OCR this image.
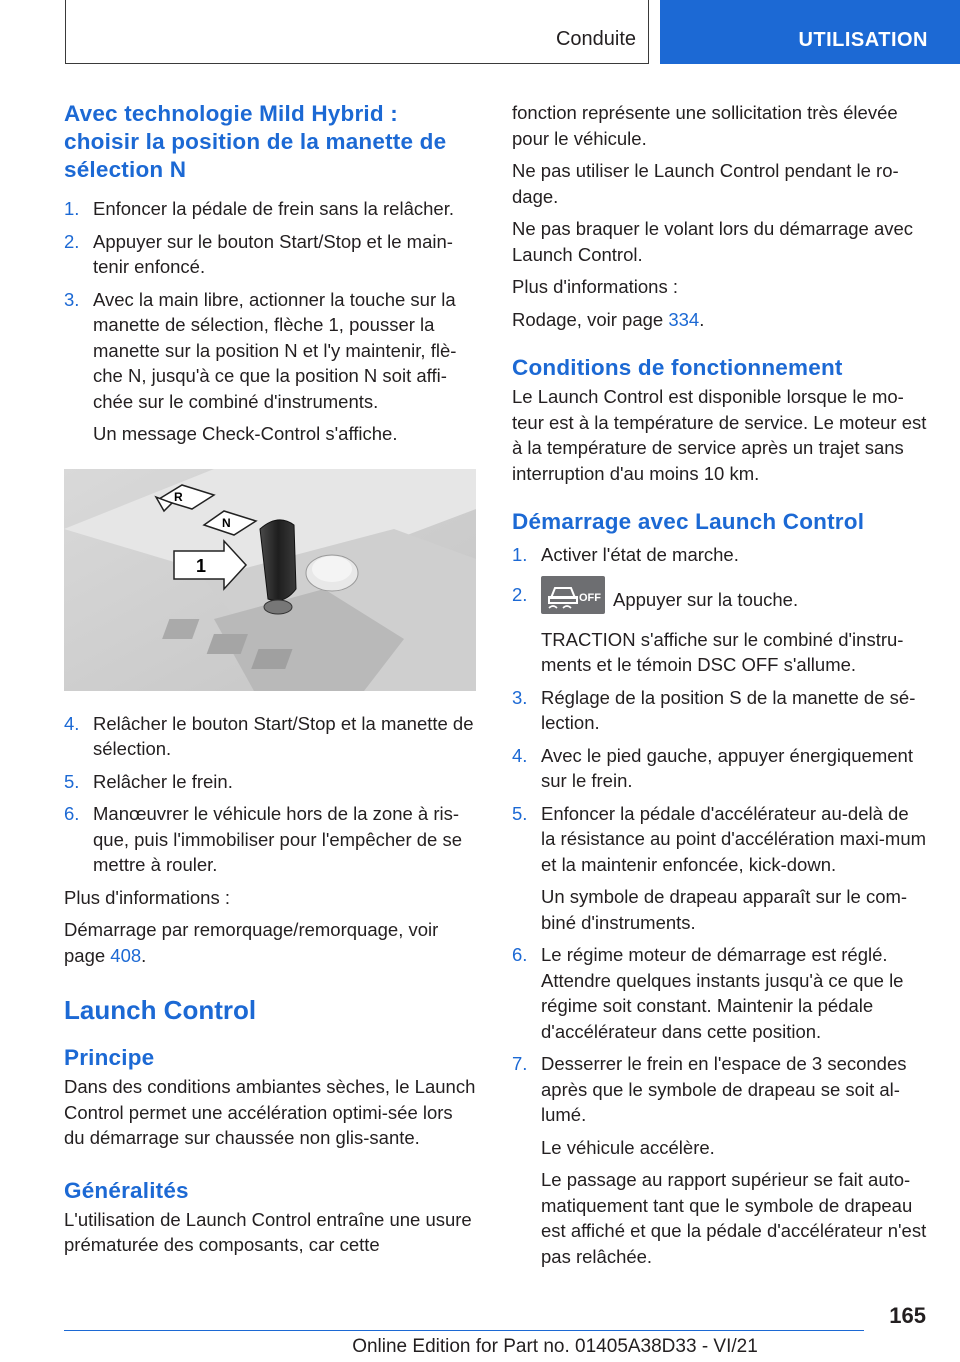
Conduite	UTILISATION
Avec technologie Mild Hybrid : choisir la position de la manette de sélection N
1. Enfoncer la pédale de frein sans la relâcher.
2. Appuyer sur le bouton Start/Stop et le main‐tenir enfoncé.
3. Avec la main libre, actionner la touche sur la manette de sélection, flèche 1, pousser la manette sur la position N et l'y maintenir, flè‐che N, jusqu'à ce que la position N soit affi‐chée sur le combiné d'instruments.
Un message Check-Control s'affiche.
R
N
1
4. Relâcher le bouton Start/Stop et la manette de sélection.
5. Relâcher le frein.
6. Manœuvrer le véhicule hors de la zone à ris‐que, puis l'immobiliser pour l'empêcher de se mettre à rouler.
Plus d'informations :
Démarrage par remorquage/remorquage, voir page 408.
Launch Control
Principe
Dans des conditions ambiantes sèches, le Launch Control permet une accélération optimi‐sée lors du démarrage sur chaussée non glis‐sante.
Généralités
L'utilisation de Launch Control entraîne une usure prématurée des composants, car cette
fonction représente une sollicitation très élevée pour le véhicule.
Ne pas utiliser le Launch Control pendant le ro‐dage.
Ne pas braquer le volant lors du démarrage avec Launch Control.
Plus d'informations :
Rodage, voir page 334.
Conditions de fonctionnement
Le Launch Control est disponible lorsque le mo‐teur est à la température de service. Le moteur est à la température de service après un trajet sans interruption d'au moins 10 km.
Démarrage avec Launch Control
1. Activer l'état de marche.
2.	OFF Appuyer sur la touche.
TRACTION s'affiche sur le combiné d'instru‐ments et le témoin DSC OFF s'allume.
3. Réglage de la position S de la manette de sé‐lection.
4. Avec le pied gauche, appuyer énergiquement sur le frein.
5. Enfoncer la pédale d'accélérateur au-delà de la résistance au point d'accélération maxi‐mum et la maintenir enfoncée, kick-down.
Un symbole de drapeau apparaît sur le com‐biné d'instruments.
6. Le régime moteur de démarrage est réglé. Attendre quelques instants jusqu'à ce que le régime soit constant. Maintenir la pédale d'accélérateur dans cette position.
7. Desserrer le frein en l'espace de 3 secondes après que le symbole de drapeau se soit al‐lumé.
Le véhicule accélère.
Le passage au rapport supérieur se fait auto‐matiquement tant que le symbole de drapeau est affiché et que la pédale d'accélérateur n'est pas relâchée.
165
Online Edition for Part no. 01405A38D33 - VI/21
